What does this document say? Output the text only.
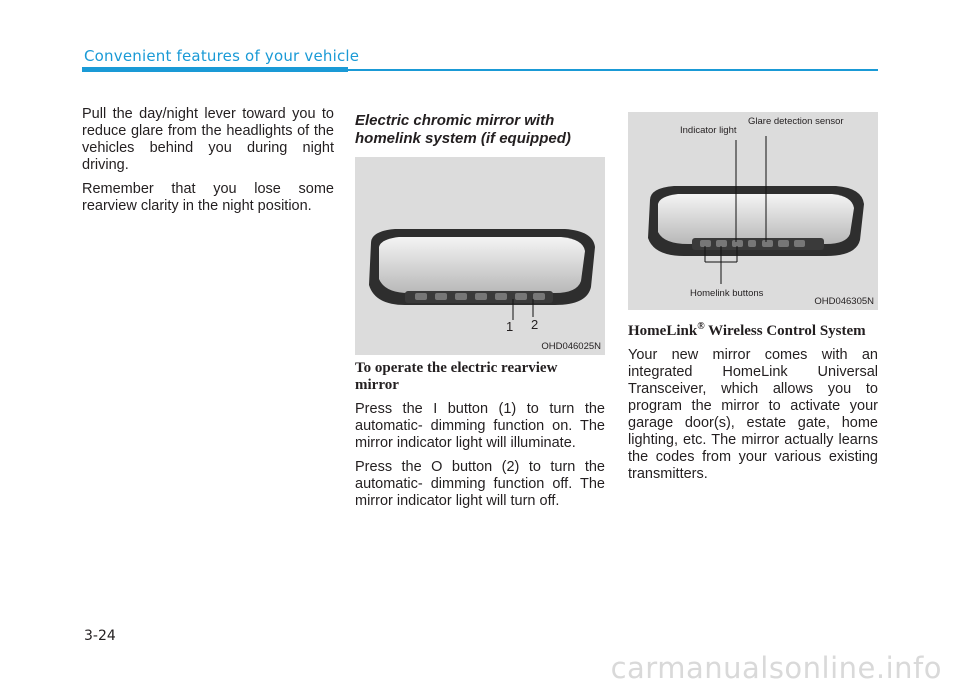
Convenient features of your vehicle

Pull the day/night lever toward you to reduce glare from the headlights of the vehicles behind you during night driving.

Remember that you lose some rearview clarity in the night position.

Electric chromic mirror with homelink system (if equipped)

1 2
OHD046025N

To operate the electric rearview mirror

Press the I button (1) to turn the automatic- dimming function on. The mirror indicator light will illuminate.

Press the O button (2) to turn the automatic- dimming function off. The mirror indicator light will turn off.

Indicator light
Glare detection sensor
Homelink buttons
OHD046305N

HomeLink® Wireless Control System

Your new mirror comes with an integrated HomeLink Universal Transceiver, which allows you to program the mirror to activate your garage door(s), estate gate, home lighting, etc. The mirror actually learns the codes from your various existing transmitters.

3-24
carmanualsonline.info
